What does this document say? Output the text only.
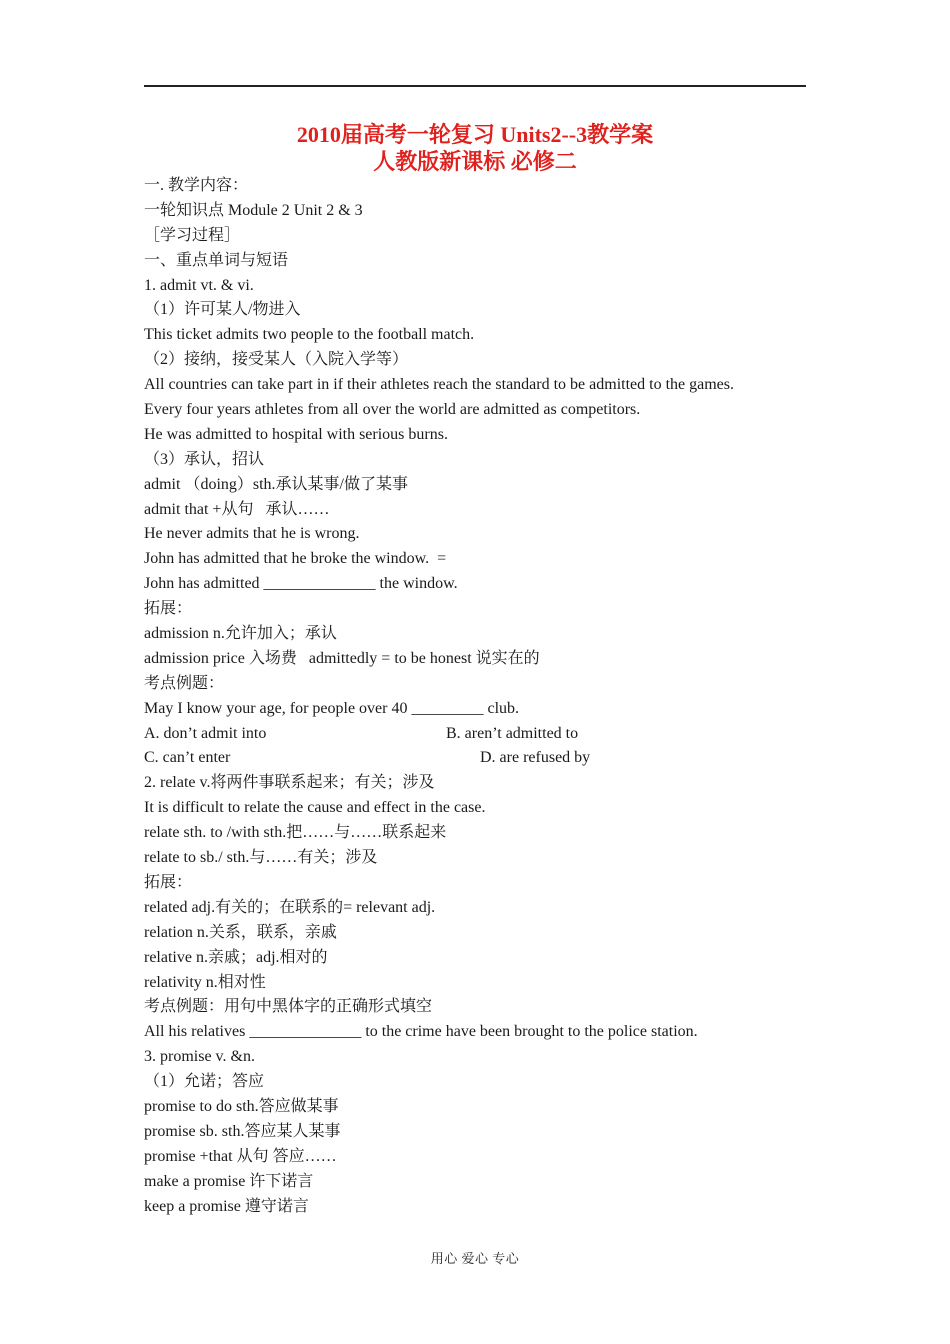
2010届高考一轮复习 Units2--3教学案
人教版新课标 必修二
一. 教学内容：
一轮知识点 Module 2 Unit 2 & 3
［学习过程］
一、重点单词与短语
1. admit vt. & vi.
（1）许可某人/物进入
This ticket admits two people to the football match.
（2）接纳，接受某人（入院入学等）
All countries can take part in if their athletes reach the standard to be admitted to the games.
Every four years athletes from all over the world are admitted as competitors.
He was admitted to hospital with serious burns.
（3）承认，招认
admit （doing）sth.承认某事/做了某事
admit that +从句   承认……
He never admits that he is wrong.
John has admitted that he broke the window.  =
John has admitted ______________ the window.
拓展：
admission n.允许加入；承认
admission price 入场费   admittedly = to be honest 说实在的
考点例题：
May I know your age, for people over 40 _________ club.
A. don’t admit into	B. aren’t admitted to
C. can’t enter	D. are refused by
2. relate v.将两件事联系起来；有关；涉及
It is difficult to relate the cause and effect in the case.
relate sth. to /with sth.把……与……联系起来
relate to sb./ sth.与……有关；涉及
拓展：
related adj.有关的；在联系的= relevant adj.
relation n.关系，联系，亲戚
relative n.亲戚；adj.相对的
relativity n.相对性
考点例题：用句中黑体字的正确形式填空
All his relatives ______________ to the crime have been brought to the police station.
3. promise v. &n.
（1）允诺；答应
promise to do sth.答应做某事
promise sb. sth.答应某人某事
promise +that 从句 答应……
make a promise 许下诺言
keep a promise 遵守诺言
用心 爱心 专心
